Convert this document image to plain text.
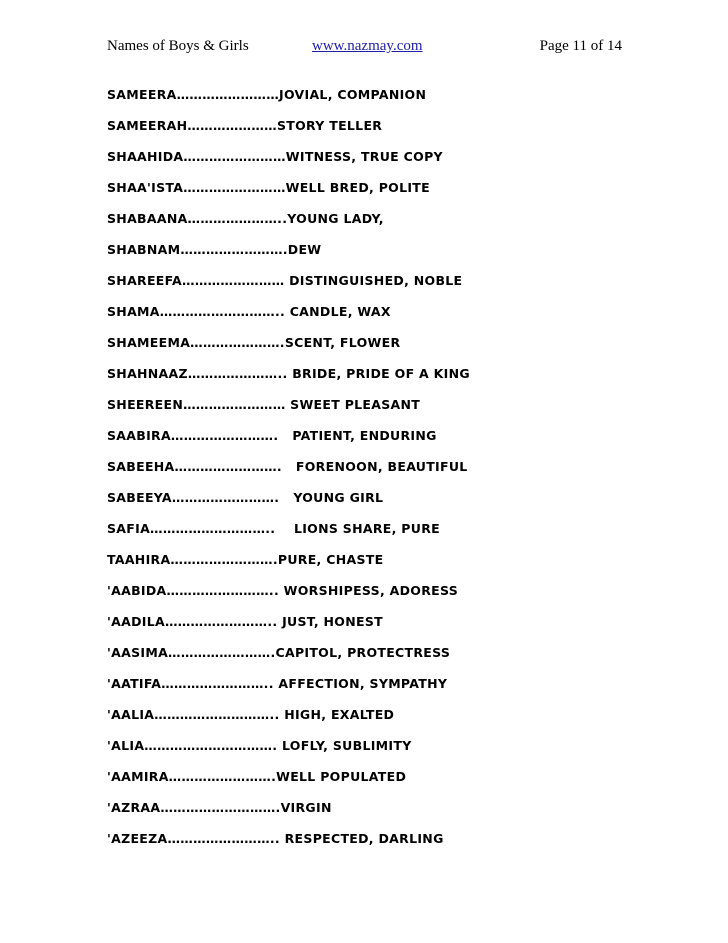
Names of Boys & Girls	www.nazmay.com	Page 11 of 14
SAMEERA……………………JOVIAL, COMPANION
SAMEERAH…………………STORY TELLER
SHAAHIDA……………………WITNESS, TRUE COPY
SHAA'ISTA……………………WELL BRED, POLITE
SHABAANA…………………..YOUNG LADY,
SHABNAM…………………….DEW
SHAREEFA…………………… DISTINGUISHED, NOBLE
SHAMA……………………….. CANDLE, WAX
SHAMEEMA………………….SCENT, FLOWER
SHAHNAAZ………………….. BRIDE, PRIDE OF A KING
SHEEREEN…………………… SWEET PLEASANT
SAABIRA…………………….   PATIENT, ENDURING
SABEEHA…………………….   FORENOON, BEAUTIFUL
SABEEYA…………………….   YOUNG GIRL
SAFIA………………………..    LIONS SHARE, PURE
TAAHIRA…………………….PURE, CHASTE
'AABIDA…………………….. WORSHIPESS, ADORESS
'AADILA…………………….. JUST, HONEST
'AASIMA…………………….CAPITOL, PROTECTRESS
'AATIFA…………………….. AFFECTION, SYMPATHY
'AALIA……………………….. HIGH, EXALTED
'ALIA…………………………. LOFLY, SUBLIMITY
'AAMIRA…………………….WELL POPULATED
'AZRAA……………………….VIRGIN
'AZEEZA…………………….. RESPECTED, DARLING
